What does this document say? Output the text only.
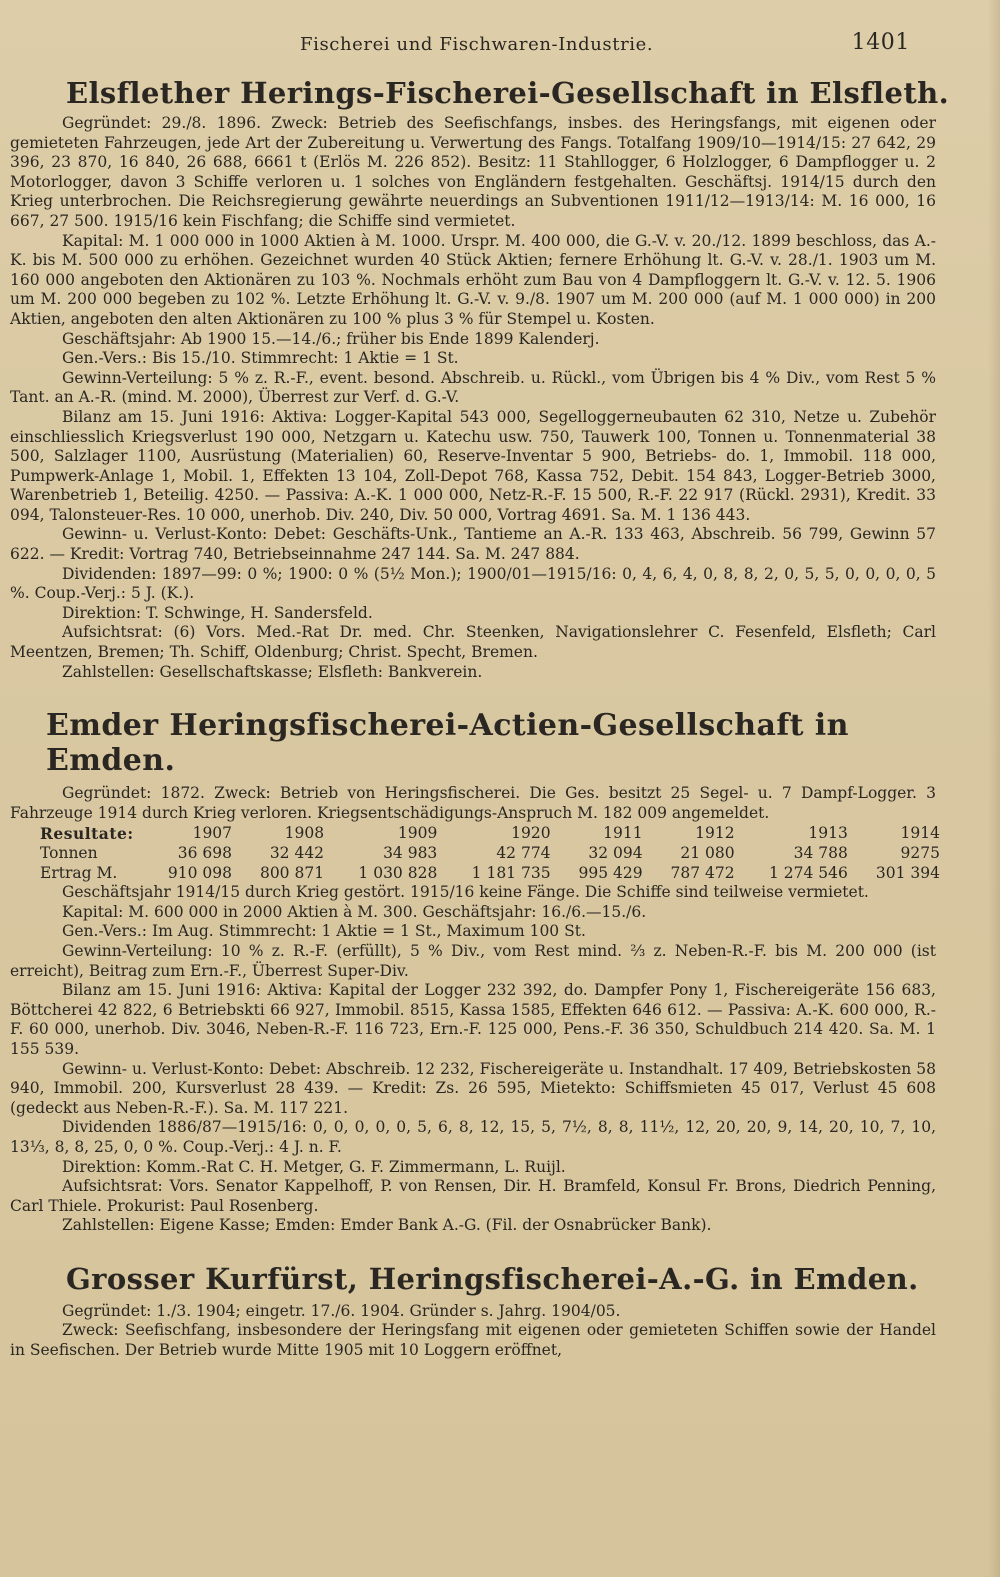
Fischerei und Fischwaren-Industrie.	1401
Elsflether Herings-Fischerei-Gesellschaft in Elsfleth.

Gegründet: 29./8. 1896. Zweck: Betrieb des Seefischfangs, insbes. des Heringsfangs, mit eigenen oder gemieteten Fahrzeugen, jede Art der Zubereitung u. Verwertung des Fangs. Totalfang 1909/10—1914/15: 27 642, 29 396, 23 870, 16 840, 26 688, 6661 t (Erlös M. 226 852). Besitz: 11 Stahllogger, 6 Holzlogger, 6 Dampflogger u. 2 Motorlogger, davon 3 Schiffe verloren u. 1 solches von Engländern festgehalten. Geschäftsj. 1914/15 durch den Krieg unterbrochen. Die Reichsregierung gewährte neuerdings an Subventionen 1911/12—1913/14: M. 16 000, 16 667, 27 500. 1915/16 kein Fischfang; die Schiffe sind vermietet.

Kapital: M. 1 000 000 in 1000 Aktien à M. 1000. Urspr. M. 400 000, die G.-V. v. 20./12. 1899 beschloss, das A.-K. bis M. 500 000 zu erhöhen. Gezeichnet wurden 40 Stück Aktien; fernere Erhöhung lt. G.-V. v. 28./1. 1903 um M. 160 000 angeboten den Aktionären zu 103 %. Nochmals erhöht zum Bau von 4 Dampfloggern lt. G.-V. v. 12. 5. 1906 um M. 200 000 begeben zu 102 %. Letzte Erhöhung lt. G.-V. v. 9./8. 1907 um M. 200 000 (auf M. 1 000 000) in 200 Aktien, angeboten den alten Aktionären zu 100 % plus 3 % für Stempel u. Kosten.

Geschäftsjahr: Ab 1900 15.—14./6.; früher bis Ende 1899 Kalenderj.

Gen.-Vers.: Bis 15./10. Stimmrecht: 1 Aktie = 1 St.

Gewinn-Verteilung: 5 % z. R.-F., event. besond. Abschreib. u. Rückl., vom Übrigen bis 4 % Div., vom Rest 5 % Tant. an A.-R. (mind. M. 2000), Überrest zur Verf. d. G.-V.

Bilanz am 15. Juni 1916: Aktiva: Logger-Kapital 543 000, Segelloggerneubauten 62 310, Netze u. Zubehör einschliesslich Kriegsverlust 190 000, Netzgarn u. Katechu usw. 750, Tauwerk 100, Tonnen u. Tonnenmaterial 38 500, Salzlager 1100, Ausrüstung (Materialien) 60, Reserve-Inventar 5 900, Betriebs- do. 1, Immobil. 118 000, Pumpwerk-Anlage 1, Mobil. 1, Effekten 13 104, Zoll-Depot 768, Kassa 752, Debit. 154 843, Logger-Betrieb 3000, Warenbetrieb 1, Beteilig. 4250. — Passiva: A.-K. 1 000 000, Netz-R.-F. 15 500, R.-F. 22 917 (Rückl. 2931), Kredit. 33 094, Talonsteuer-Res. 10 000, unerhob. Div. 240, Div. 50 000, Vortrag 4691. Sa. M. 1 136 443.

Gewinn- u. Verlust-Konto: Debet: Geschäfts-Unk., Tantieme an A.-R. 133 463, Abschreib. 56 799, Gewinn 57 622. — Kredit: Vortrag 740, Betriebseinnahme 247 144. Sa. M. 247 884.

Dividenden: 1897—99: 0 %; 1900: 0 % (5½ Mon.); 1900/01—1915/16: 0, 4, 6, 4, 0, 8, 8, 2, 0, 5, 5, 0, 0, 0, 0, 5 %. Coup.-Verj.: 5 J. (K.).

Direktion: T. Schwinge, H. Sandersfeld.

Aufsichtsrat: (6) Vors. Med.-Rat Dr. med. Chr. Steenken, Navigationslehrer C. Fesenfeld, Elsfleth; Carl Meentzen, Bremen; Th. Schiff, Oldenburg; Christ. Specht, Bremen.

Zahlstellen: Gesellschaftskasse; Elsfleth: Bankverein.

Emder Heringsfischerei-Actien-Gesellschaft in Emden.

Gegründet: 1872. Zweck: Betrieb von Heringsfischerei. Die Ges. besitzt 25 Segel- u. 7 Dampf-Logger. 3 Fahrzeuge 1914 durch Krieg verloren. Kriegsentschädigungs-Anspruch M. 182 009 angemeldet.

Resultate:	1907	1908	1909	1920	1911	1912	1913	1914
Tonnen	36 698	32 442	34 983	42 774	32 094	21 080	34 788	9275
Ertrag M.	910 098	800 871	1 030 828	1 181 735	995 429	787 472	1 274 546	301 394

Geschäftsjahr 1914/15 durch Krieg gestört. 1915/16 keine Fänge. Die Schiffe sind teilweise vermietet.

Kapital: M. 600 000 in 2000 Aktien à M. 300. Geschäftsjahr: 16./6.—15./6.

Gen.-Vers.: Im Aug. Stimmrecht: 1 Aktie = 1 St., Maximum 100 St.

Gewinn-Verteilung: 10 % z. R.-F. (erfüllt), 5 % Div., vom Rest mind. ⅔ z. Neben-R.-F. bis M. 200 000 (ist erreicht), Beitrag zum Ern.-F., Überrest Super-Div.

Bilanz am 15. Juni 1916: Aktiva: Kapital der Logger 232 392, do. Dampfer Pony 1, Fischereigeräte 156 683, Böttcherei 42 822, 6 Betriebskti 66 927, Immobil. 8515, Kassa 1585, Effekten 646 612. — Passiva: A.-K. 600 000, R.-F. 60 000, unerhob. Div. 3046, Neben-R.-F. 116 723, Ern.-F. 125 000, Pens.-F. 36 350, Schuldbuch 214 420. Sa. M. 1 155 539.

Gewinn- u. Verlust-Konto: Debet: Abschreib. 12 232, Fischereigeräte u. Instandhalt. 17 409, Betriebskosten 58 940, Immobil. 200, Kursverlust 28 439. — Kredit: Zs. 26 595, Mietekto: Schiffsmieten 45 017, Verlust 45 608 (gedeckt aus Neben-R.-F.). Sa. M. 117 221.

Dividenden 1886/87—1915/16: 0, 0, 0, 0, 0, 5, 6, 8, 12, 15, 5, 7½, 8, 8, 11½, 12, 20, 20, 9, 14, 20, 10, 7, 10, 13⅓, 8, 8, 25, 0, 0 %. Coup.-Verj.: 4 J. n. F.

Direktion: Komm.-Rat C. H. Metger, G. F. Zimmermann, L. Ruijl.

Aufsichtsrat: Vors. Senator Kappelhoff, P. von Rensen, Dir. H. Bramfeld, Konsul Fr. Brons, Diedrich Penning, Carl Thiele. Prokurist: Paul Rosenberg.

Zahlstellen: Eigene Kasse; Emden: Emder Bank A.-G. (Fil. der Osnabrücker Bank).

Grosser Kurfürst, Heringsfischerei-A.-G. in Emden.

Gegründet: 1./3. 1904; eingetr. 17./6. 1904. Gründer s. Jahrg. 1904/05.

Zweck: Seefischfang, insbesondere der Heringsfang mit eigenen oder gemieteten Schiffen sowie der Handel in Seefischen. Der Betrieb wurde Mitte 1905 mit 10 Loggern eröffnet,
